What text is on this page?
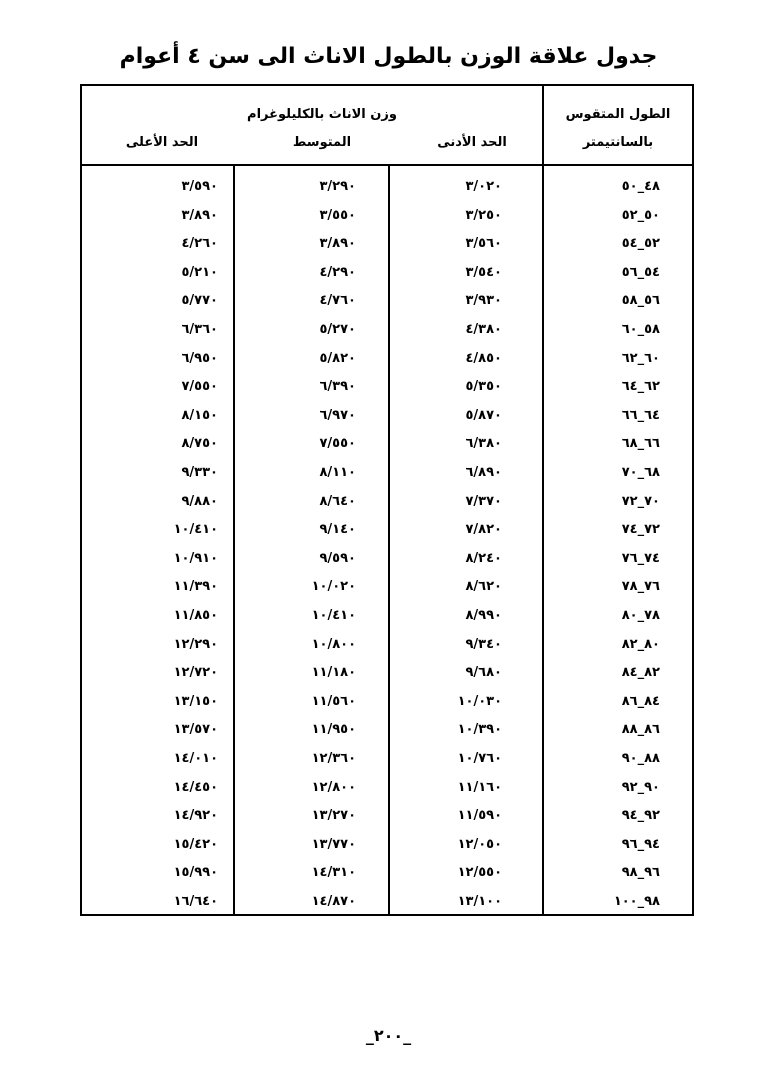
جدول علاقة الوزن بالطول الاناث الى سن ٤ أعوام
الطول المتقوس
بالسانتيمتر
وزن الاناث بالكليلوغرام
الحد الأدنى
المتوسط
الحد الأعلى
٤٨_٥٠
٣/٠٢٠
٣/٢٩٠
٣/٥٩٠
٥٠_٥٢
٣/٢٥٠
٣/٥٥٠
٣/٨٩٠
٥٢_٥٤
٣/٥٦٠
٣/٨٩٠
٤/٢٦٠
٥٤_٥٦
٣/٥٤٠
٤/٢٩٠
٥/٢١٠
٥٦_٥٨
٣/٩٣٠
٤/٧٦٠
٥/٧٧٠
٥٨_٦٠
٤/٣٨٠
٥/٢٧٠
٦/٣٦٠
٦٠_٦٢
٤/٨٥٠
٥/٨٢٠
٦/٩٥٠
٦٢_٦٤
٥/٣٥٠
٦/٣٩٠
٧/٥٥٠
٦٤_٦٦
٥/٨٧٠
٦/٩٧٠
٨/١٥٠
٦٦_٦٨
٦/٣٨٠
٧/٥٥٠
٨/٧٥٠
٦٨_٧٠
٦/٨٩٠
٨/١١٠
٩/٣٣٠
٧٠_٧٢
٧/٣٧٠
٨/٦٤٠
٩/٨٨٠
٧٢_٧٤
٧/٨٢٠
٩/١٤٠
١٠/٤١٠
٧٤_٧٦
٨/٢٤٠
٩/٥٩٠
١٠/٩١٠
٧٦_٧٨
٨/٦٢٠
١٠/٠٢٠
١١/٣٩٠
٧٨_٨٠
٨/٩٩٠
١٠/٤١٠
١١/٨٥٠
٨٠_٨٢
٩/٣٤٠
١٠/٨٠٠
١٢/٢٩٠
٨٢_٨٤
٩/٦٨٠
١١/١٨٠
١٢/٧٢٠
٨٤_٨٦
١٠/٠٣٠
١١/٥٦٠
١٣/١٥٠
٨٦_٨٨
١٠/٣٩٠
١١/٩٥٠
١٣/٥٧٠
٨٨_٩٠
١٠/٧٦٠
١٢/٣٦٠
١٤/٠١٠
٩٠_٩٢
١١/١٦٠
١٢/٨٠٠
١٤/٤٥٠
٩٢_٩٤
١١/٥٩٠
١٣/٢٧٠
١٤/٩٢٠
٩٤_٩٦
١٢/٠٥٠
١٣/٧٧٠
١٥/٤٢٠
٩٦_٩٨
١٢/٥٥٠
١٤/٣١٠
١٥/٩٩٠
٩٨_١٠٠
١٣/١٠٠
١٤/٨٧٠
١٦/٦٤٠
_٢٠٠_
